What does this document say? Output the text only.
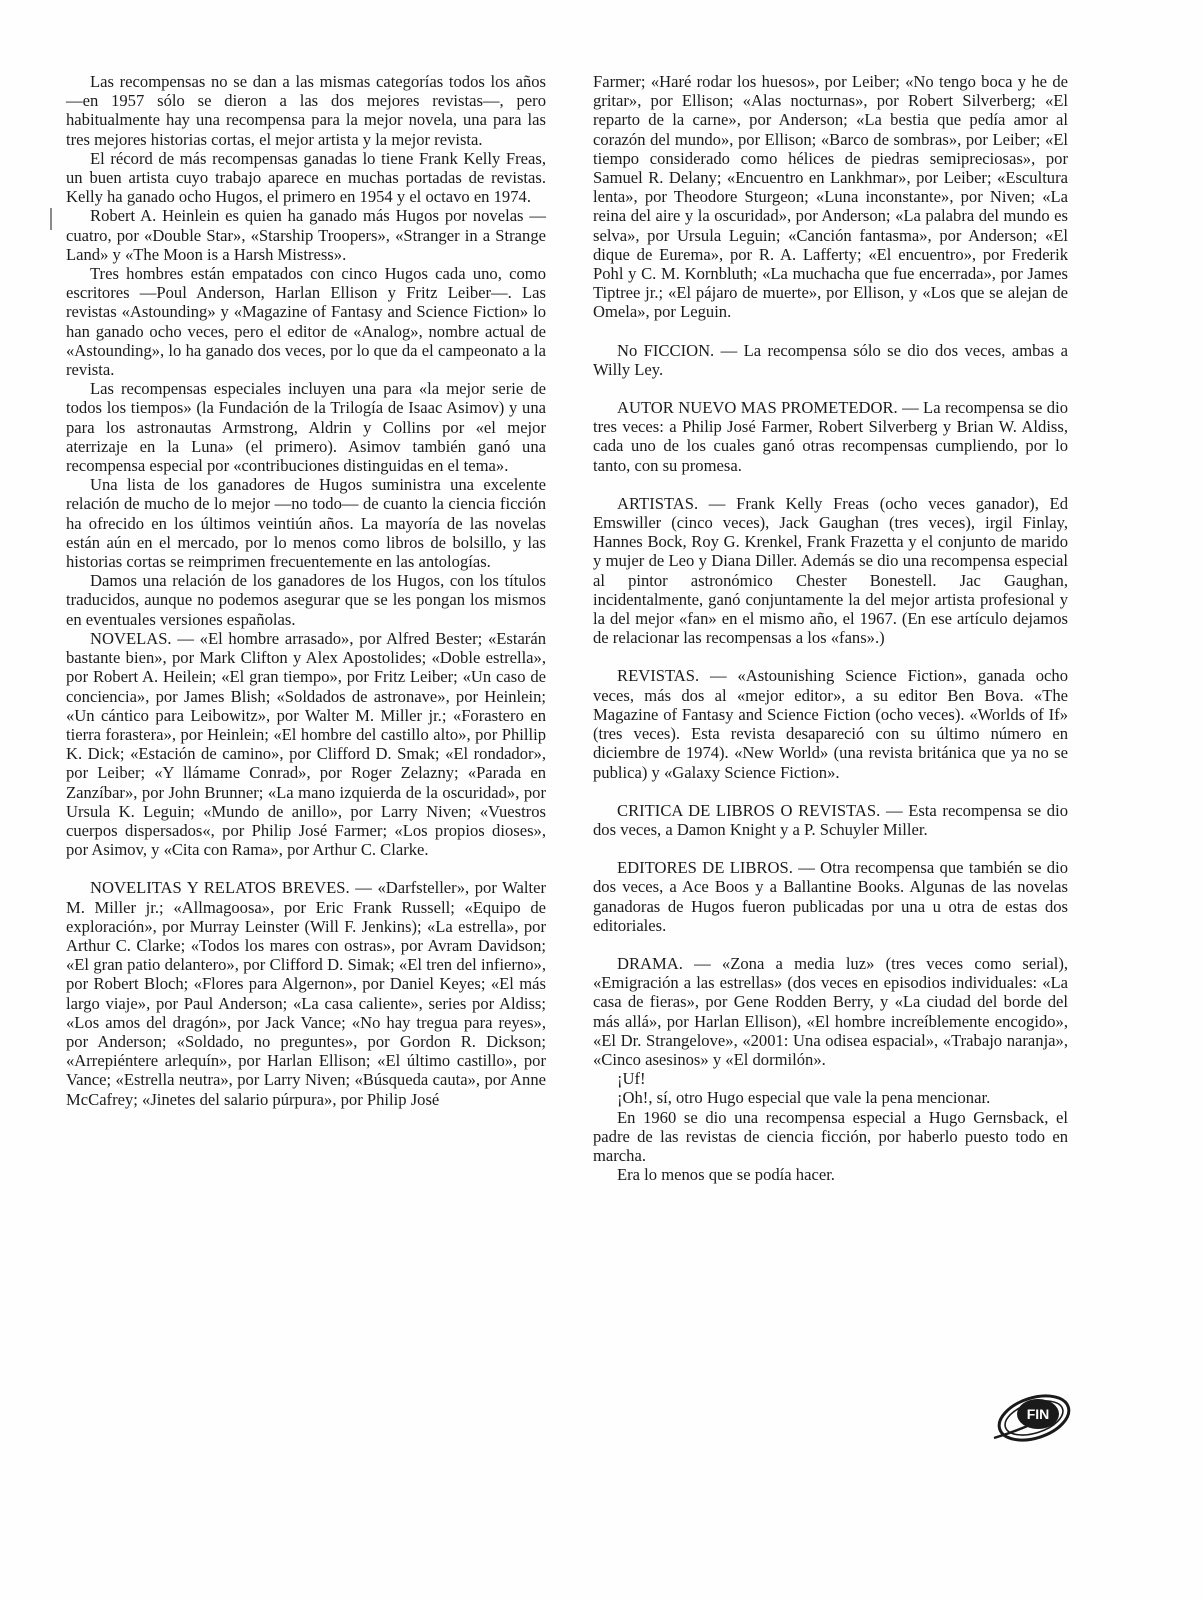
Las recompensas no se dan a las mismas categorías todos los años —en 1957 sólo se dieron a las dos mejores revistas—, pero habitualmente hay una recompensa para la mejor novela, una para las tres mejores historias cortas, el mejor artista y la mejor revista.

El récord de más recompensas ganadas lo tiene Frank Kelly Freas, un buen artista cuyo trabajo aparece en muchas portadas de revistas. Kelly ha ganado ocho Hugos, el primero en 1954 y el octavo en 1974.

Robert A. Heinlein es quien ha ganado más Hugos por novelas —cuatro, por «Double Star», «Starship Troopers», «Stranger in a Strange Land» y «The Moon is a Harsh Mistress».

Tres hombres están empatados con cinco Hugos cada uno, como escritores —Poul Anderson, Harlan Ellison y Fritz Leiber—. Las revistas «Astounding» y «Magazine of Fantasy and Science Fiction» lo han ganado ocho veces, pero el editor de «Analog», nombre actual de «Astounding», lo ha ganado dos veces, por lo que da el campeonato a la revista.

Las recompensas especiales incluyen una para «la mejor serie de todos los tiempos» (la Fundación de la Trilogía de Isaac Asimov) y una para los astronautas Armstrong, Aldrin y Collins por «el mejor aterrizaje en la Luna» (el primero). Asimov también ganó una recompensa especial por «contribuciones distinguidas en el tema».

Una lista de los ganadores de Hugos suministra una excelente relación de mucho de lo mejor —no todo— de cuanto la ciencia ficción ha ofrecido en los últimos veintiún años. La mayoría de las novelas están aún en el mercado, por lo menos como libros de bolsillo, y las historias cortas se reimprimen frecuentemente en las antologías.

Damos una relación de los ganadores de los Hugos, con los títulos traducidos, aunque no podemos asegurar que se les pongan los mismos en eventuales versiones españolas.

NOVELAS. — «El hombre arrasado», por Alfred Bester; «Estarán bastante bien», por Mark Clifton y Alex Apostolides; «Doble estrella», por Robert A. Heilein; «El gran tiempo», por Fritz Leiber; «Un caso de conciencia», por James Blish; «Soldados de astronave», por Heinlein; «Un cántico para Leibowitz», por Walter M. Miller jr.; «Forastero en tierra forastera», por Heinlein; «El hombre del castillo alto», por Phillip K. Dick; «Estación de camino», por Clifford D. Smak; «El rondador», por Leiber; «Y llámame Conrad», por Roger Zelazny; «Parada en Zanzíbar», por John Brunner; «La mano izquierda de la oscuridad», por Ursula K. Leguin; «Mundo de anillo», por Larry Niven; «Vuestros cuerpos dispersados«, por Philip José Farmer; «Los propios dioses», por Asimov, y «Cita con Rama», por Arthur C. Clarke.

NOVELITAS Y RELATOS BREVES. — «Darfsteller», por Walter M. Miller jr.; «Allmagoosa», por Eric Frank Russell; «Equipo de exploración», por Murray Leinster (Will F. Jenkins); «La estrella», por Arthur C. Clarke; «Todos los mares con ostras», por Avram Davidson; «El gran patio delantero», por Clifford D. Simak; «El tren del infierno», por Robert Bloch; «Flores para Algernon», por Daniel Keyes; «El más largo viaje», por Paul Anderson; «La casa caliente», series por Aldiss; «Los amos del dragón», por Jack Vance; «No hay tregua para reyes», por Anderson; «Soldado, no preguntes», por Gordon R. Dickson; «Arrepiéntere arlequín», por Harlan Ellison; «El último castillo», por Vance; «Estrella neutra», por Larry Niven; «Búsqueda cauta», por Anne McCafrey; «Jinetes del salario púrpura», por Philip José

Farmer; «Haré rodar los huesos», por Leiber; «No tengo boca y he de gritar», por Ellison; «Alas nocturnas», por Robert Silverberg; «El reparto de la carne», por Anderson; «La bestia que pedía amor al corazón del mundo», por Ellison; «Barco de sombras», por Leiber; «El tiempo considerado como hélices de piedras semipreciosas», por Samuel R. Delany; «Encuentro en Lankhmar», por Leiber; «Escultura lenta», por Theodore Sturgeon; «Luna inconstante», por Niven; «La reina del aire y la oscuridad», por Anderson; «La palabra del mundo es selva», por Ursula Leguin; «Canción fantasma», por Anderson; «El dique de Eurema», por R. A. Lafferty; «El encuentro», por Frederik Pohl y C. M. Kornbluth; «La muchacha que fue encerrada», por James Tiptree jr.; «El pájaro de muerte», por Ellison, y «Los que se alejan de Omela», por Leguin.

No FICCION. — La recompensa sólo se dio dos veces, ambas a Willy Ley.

AUTOR NUEVO MAS PROMETEDOR. — La recompensa se dio tres veces: a Philip José Farmer, Robert Silverberg y Brian W. Aldiss, cada uno de los cuales ganó otras recompensas cumpliendo, por lo tanto, con su promesa.

ARTISTAS. — Frank Kelly Freas (ocho veces ganador), Ed Emswiller (cinco veces), Jack Gaughan (tres veces), irgil Finlay, Hannes Bock, Roy G. Krenkel, Frank Frazetta y el conjunto de marido y mujer de Leo y Diana Diller. Además se dio una recompensa especial al pintor astronómico Chester Bonestell. Jac Gaughan, incidentalmente, ganó conjuntamente la del mejor artista profesional y la del mejor «fan» en el mismo año, el 1967. (En ese artículo dejamos de relacionar las recompensas a los «fans».)

REVISTAS. — «Astounishing Science Fiction», ganada ocho veces, más dos al «mejor editor», a su editor Ben Bova. «The Magazine of Fantasy and Science Fiction (ocho veces). «Worlds of If» (tres veces). Esta revista desapareció con su último número en diciembre de 1974). «New World» (una revista británica que ya no se publica) y «Galaxy Science Fiction».

CRITICA DE LIBROS O REVISTAS. — Esta recompensa se dio dos veces, a Damon Knight y a P. Schuyler Miller.

EDITORES DE LIBROS. — Otra recompensa que también se dio dos veces, a Ace Boos y a Ballantine Books. Algunas de las novelas ganadoras de Hugos fueron publicadas por una u otra de estas dos editoriales.

DRAMA. — «Zona a media luz» (tres veces como serial), «Emigración a las estrellas» (dos veces en episodios individuales: «La casa de fieras», por Gene Rodden Berry, y «La ciudad del borde del más allá», por Harlan Ellison), «El hombre increíblemente encogido», «El Dr. Strangelove», «2001: Una odisea espacial», «Trabajo naranja», «Cinco asesinos» y «El dormilón».

¡Uf!

¡Oh!, sí, otro Hugo especial que vale la pena mencionar.

En 1960 se dio una recompensa especial a Hugo Gernsback, el padre de las revistas de ciencia ficción, por haberlo puesto todo en marcha.

Era lo menos que se podía hacer.

FIN
